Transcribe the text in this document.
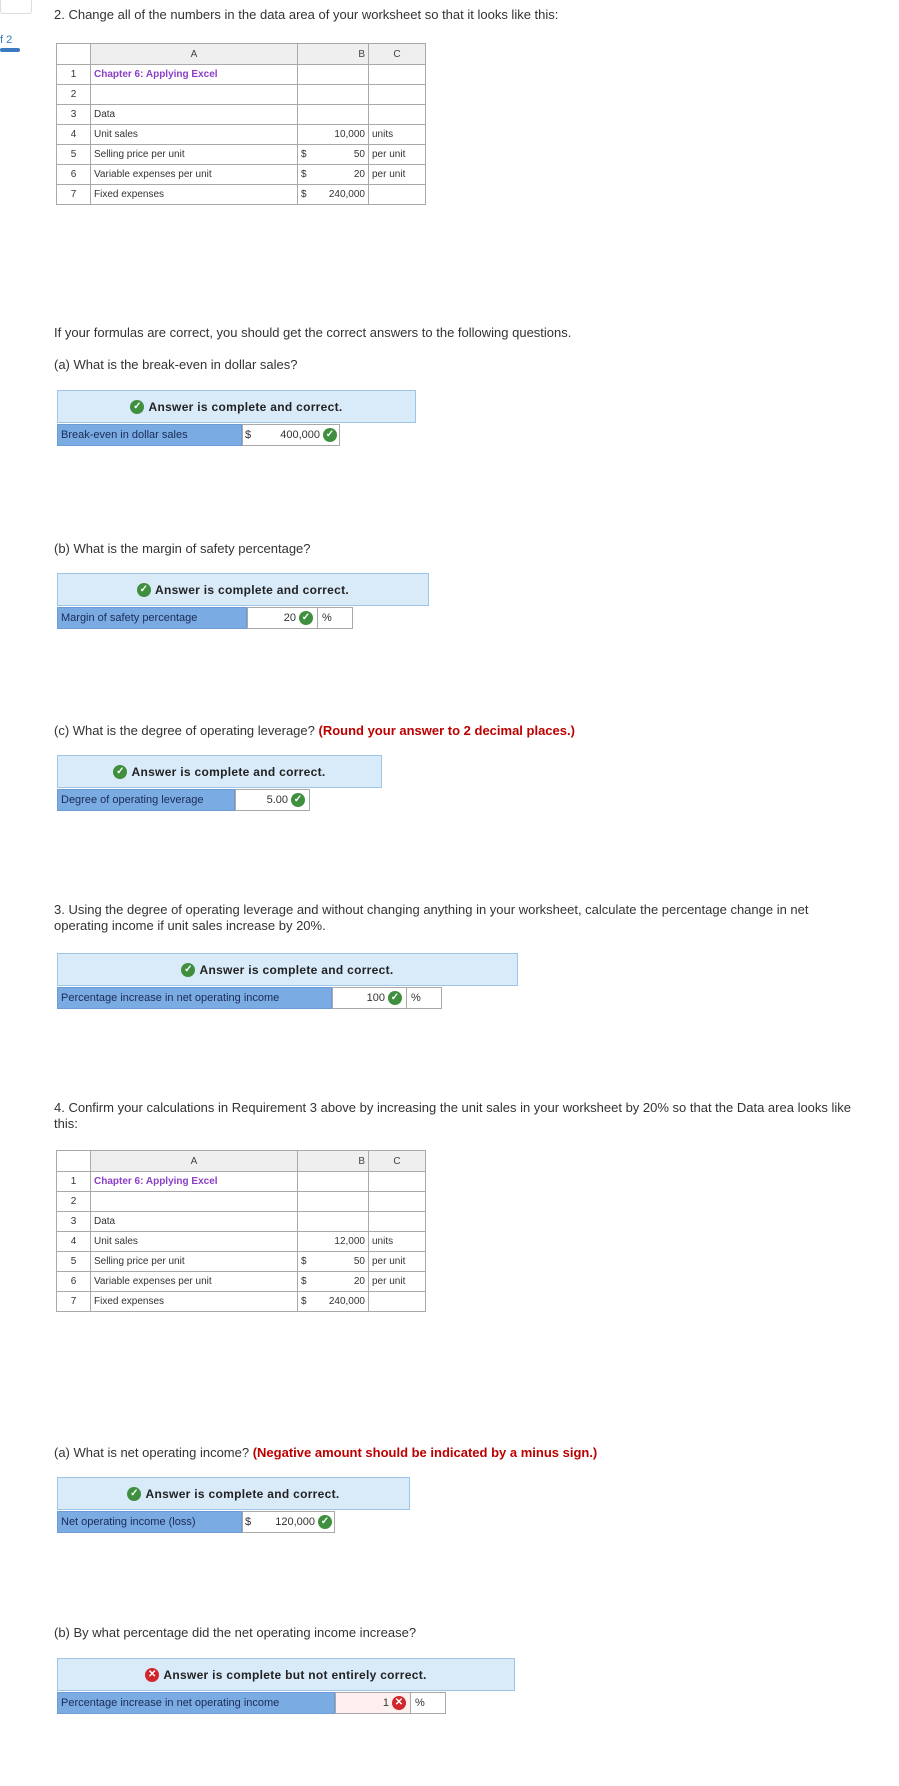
f 2
2. Change all of the numbers in the data area of your worksheet so that it looks like this:
	A	B	C
1	Chapter 6: Applying Excel	

2		

3	Data	

4	Unit sales	10,000	units
5	Selling price per unit	$ 50	per unit
6	Variable expenses per unit	$ 20	per unit
7	Fixed expenses	$ 240,000	
If your formulas are correct, you should get the correct answers to the following questions.
(a) What is the break-even in dollar sales?
✓ Answer is complete and correct.
Break-even in dollar sales	$	400,000 ✓
(b) What is the margin of safety percentage?
✓ Answer is complete and correct.
Margin of safety percentage	20 ✓	%
(c) What is the degree of operating leverage? (Round your answer to 2 decimal places.)
✓ Answer is complete and correct.
Degree of operating leverage	5.00 ✓
3. Using the degree of operating leverage and without changing anything in your worksheet, calculate the percentage change in net operating income if unit sales increase by 20%.
✓ Answer is complete and correct.
Percentage increase in net operating income	100 ✓	%
4. Confirm your calculations in Requirement 3 above by increasing the unit sales in your worksheet by 20% so that the Data area looks like this:
	A	B	C
1	Chapter 6: Applying Excel	

2		

3	Data	

4	Unit sales	12,000	units
5	Selling price per unit	$ 50	per unit
6	Variable expenses per unit	$ 20	per unit
7	Fixed expenses	$ 240,000	
(a) What is net operating income? (Negative amount should be indicated by a minus sign.)
✓ Answer is complete and correct.
Net operating income (loss)	$ 120,000 ✓
(b) By what percentage did the net operating income increase?
✕ Answer is complete but not entirely correct.
Percentage increase in net operating income	1 ✕	%
